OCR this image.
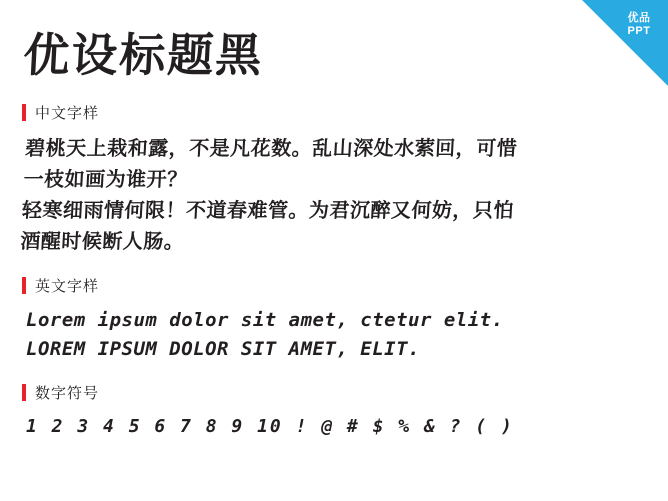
优品
PPT
优设标题黑
中文字样

碧桃天上栽和露，不是凡花数。乱山深处水萦回，可惜

一枝如画为谁开？

轻寒细雨情何限！不道春难管。为君沉醉又何妨，只怕

酒醒时候断人肠。

英文字样

Lorem ipsum dolor sit amet, ctetur elit.

LOREM IPSUM DOLOR SIT AMET, ELIT.

数字符号

1 2 3 4 5 6 7 8 9 10 ! @ # $ % & ? ( )
